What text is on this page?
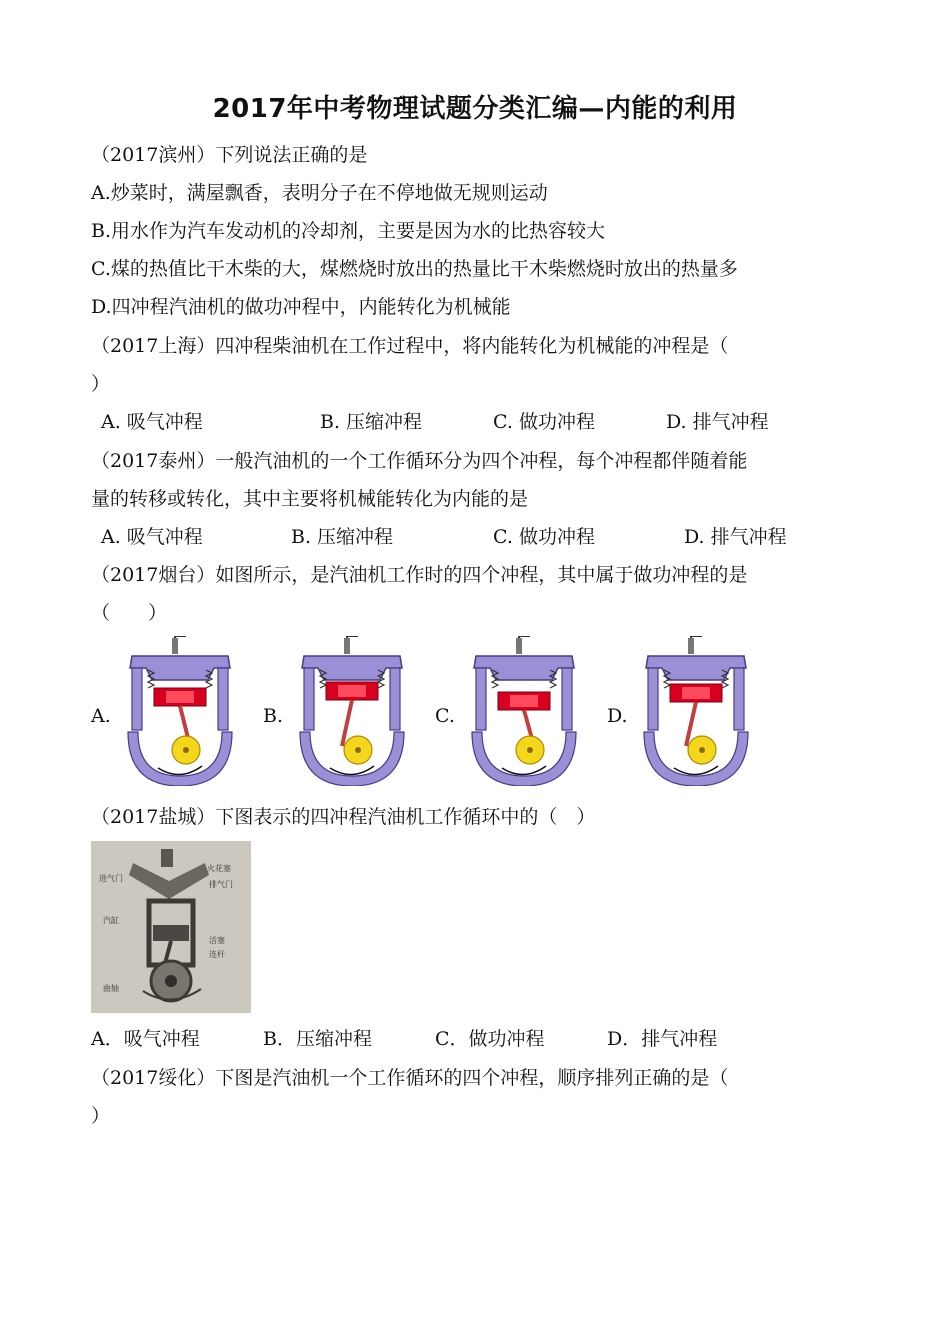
2017年中考物理试题分类汇编—内能的利用
（2017滨州）下列说法正确的是
A.炒菜时，满屋飘香，表明分子在不停地做无规则运动
B.用水作为汽车发动机的冷却剂，主要是因为水的比热容较大
C.煤的热值比干木柴的大，煤燃烧时放出的热量比干木柴燃烧时放出的热量多
D.四冲程汽油机的做功冲程中，内能转化为机械能
（2017上海）四冲程柴油机在工作过程中，将内能转化为机械能的冲程是（
）
A. 吸气冲程	B. 压缩冲程	C. 做功冲程	D. 排气冲程
（2017泰州）一般汽油机的一个工作循环分为四个冲程，每个冲程都伴随着能
量的转移或转化，其中主要将机械能转化为内能的是
A. 吸气冲程	B. 压缩冲程	C. 做功冲程	D. 排气冲程
（2017烟台）如图所示，是汽油机工作时的四个冲程，其中属于做功冲程的是
（　　）
A.	B.	C.	D.
（2017盐城）下图表示的四冲程汽油机工作循环中的（　）
进气门
火花塞
排气门
汽缸
活塞
连杆
曲轴
A．吸气冲程	B．压缩冲程	C．做功冲程	D．排气冲程
（2017绥化）下图是汽油机一个工作循环的四个冲程，顺序排列正确的是（
）
